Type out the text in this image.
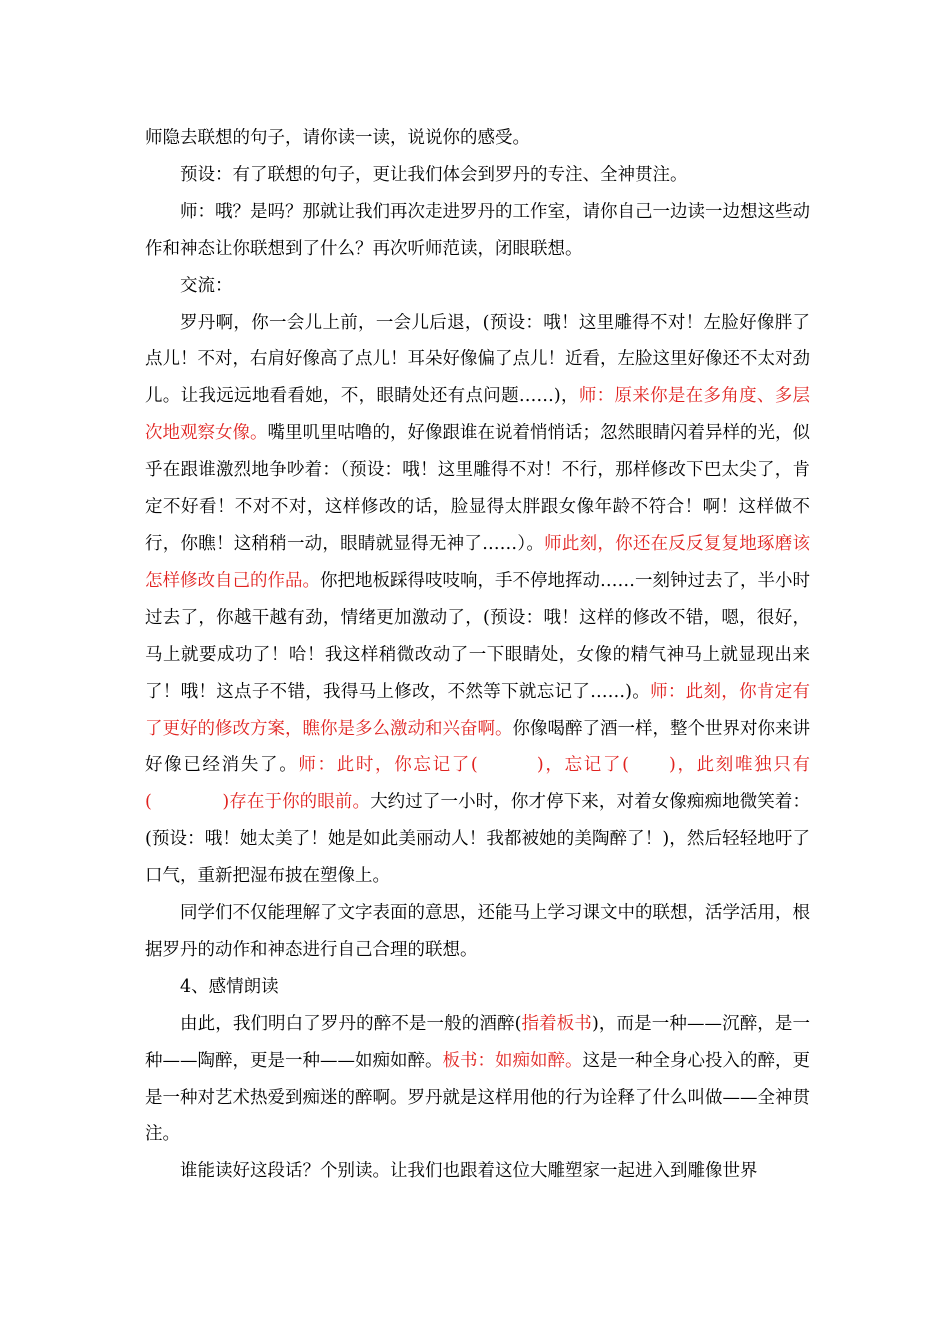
师隐去联想的句子，请你读一读，说说你的感受。

预设：有了联想的句子，更让我们体会到罗丹的专注、全神贯注。

师：哦？是吗？那就让我们再次走进罗丹的工作室，请你自己一边读一边想这些动作和神态让你联想到了什么？再次听师范读，闭眼联想。

交流：

罗丹啊，你一会儿上前，一会儿后退，(预设：哦！这里雕得不对！左脸好像胖了点儿！不对，右肩好像高了点儿！耳朵好像偏了点儿！近看，左脸这里好像还不太对劲儿。让我远远地看看她，不，眼睛处还有点问题……)，师：原来你是在多角度、多层次地观察女像。嘴里叽里咕噜的，好像跟谁在说着悄悄话；忽然眼睛闪着异样的光，似乎在跟谁激烈地争吵着：（预设：哦！这里雕得不对！不行，那样修改下巴太尖了，肯定不好看！不对不对，这样修改的话，脸显得太胖跟女像年龄不符合！啊！这样做不行，你瞧！这稍稍一动，眼睛就显得无神了……）。师此刻，你还在反反复复地琢磨该怎样修改自己的作品。你把地板踩得吱吱响，手不停地挥动……一刻钟过去了，半小时过去了，你越干越有劲，情绪更加激动了，(预设：哦！这样的修改不错，嗯，很好，马上就要成功了！哈！我这样稍微改动了一下眼睛处，女像的精气神马上就显现出来了！哦！这点子不错，我得马上修改，不然等下就忘记了……)。师：此刻，你肯定有了更好的修改方案，瞧你是多么激动和兴奋啊。你像喝醉了酒一样，整个世界对你来讲好像已经消失了。师：此时，你忘记了(　　　)，忘记了(　　)，此刻唯独只有(　　　　)存在于你的眼前。大约过了一小时，你才停下来，对着女像痴痴地微笑着：(预设：哦！她太美了！她是如此美丽动人！我都被她的美陶醉了！)，然后轻轻地吁了口气，重新把湿布披在塑像上。

同学们不仅能理解了文字表面的意思，还能马上学习课文中的联想，活学活用，根据罗丹的动作和神态进行自己合理的联想。

4、感情朗读

由此，我们明白了罗丹的醉不是一般的酒醉(指着板书)，而是一种——沉醉，是一种——陶醉，更是一种——如痴如醉。板书：如痴如醉。这是一种全身心投入的醉，更是一种对艺术热爱到痴迷的醉啊。罗丹就是这样用他的行为诠释了什么叫做——全神贯注。

谁能读好这段话？个别读。让我们也跟着这位大雕塑家一起进入到雕像世界
